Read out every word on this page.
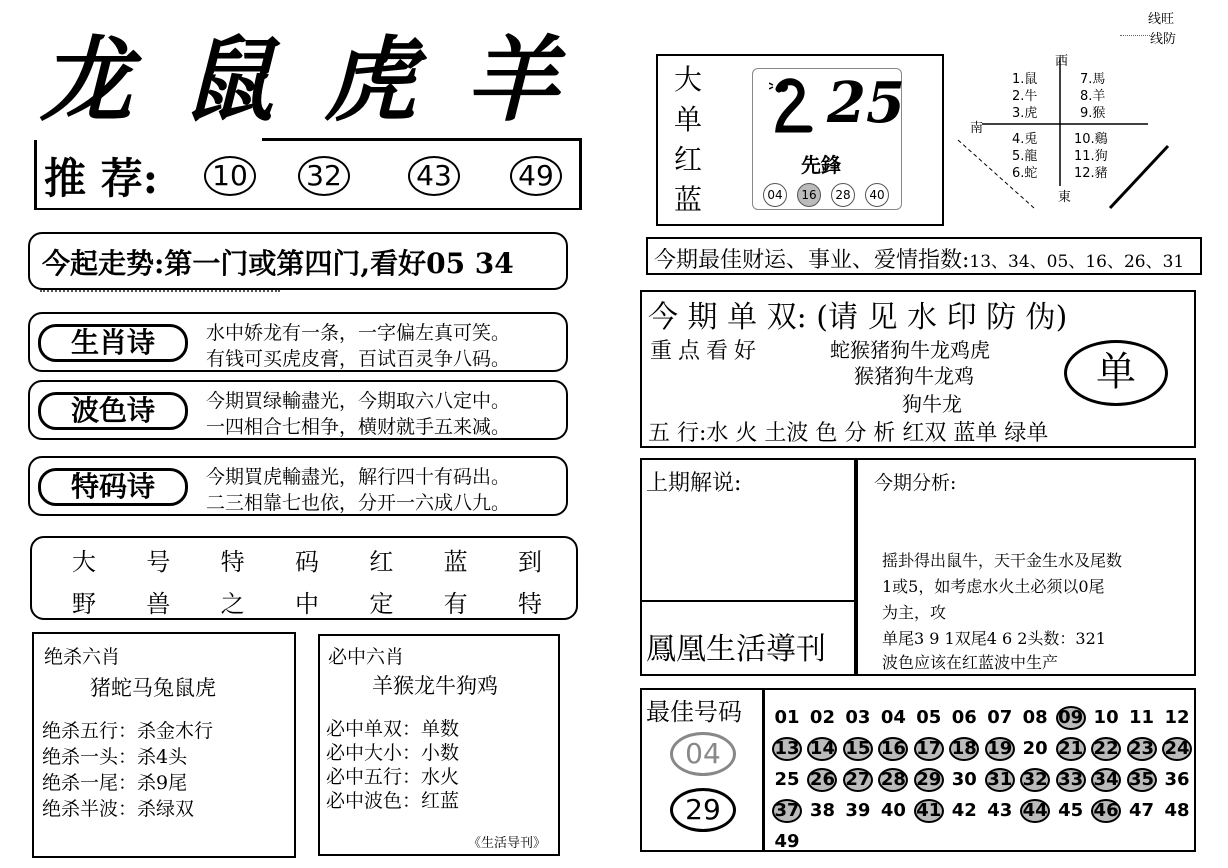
龙 鼠 虎 羊
推 荐: 10 32	43 49
今起走势:第一门或第四门,看好05 34
生肖诗	水中娇龙有一条，一字偏左真可笑。
有钱可买虎皮膏，百试百灵争八码。
波色诗	今期買绿輸盡光，今期取六八定中。
一四相合七相争，横财就手五来减。
特码诗	今期買虎輸盡光，解行四十有码出。
二三相靠七也依，分开一六成八九。
大 号 特 码 红 蓝 到
野 兽 之 中 定 有 特
绝杀六肖
猪蛇马兔鼠虎
绝杀五行：杀金木行
绝杀一头：杀4头
绝杀一尾：杀9尾
绝杀半波：杀绿双
必中六肖
羊猴龙牛狗鸡
必中单双：单数
必中大小：小数
必中五行：水火
必中波色：红蓝
《生活导刊》
大
单
红
蓝
25
先鋒
04	16	28	40
线旺
线防
西
南
東
1.鼠
2.牛
3.虎
4.兎
5.龍
6.蛇
7.馬
8.羊
9.猴
10.鷄
11.狗
12.豬
今期最佳财运、事业、爱情指数:13、34、05、16、26、31
今 期 单 双: (请 见 水 印 防 伪)
重点看好	蛇猴猪狗牛龙鸡虎
猴猪狗牛龙鸡
狗牛龙
单
五 行:水 火 土波 色 分 析 红双 蓝单 绿单
上期解说:
鳳凰生活導刊
今期分析:
摇卦得出鼠牛，天干金生水及尾数
1或5，如考虑水火土必须以0尾
为主，攻
单尾3 9 1双尾4 6 2头数：321
波色应该在红蓝波中生产
最佳号码
04
29
01 02 03 04 05 06 07 08 09 10 11 12
13 14 15 16 17 18 19 20 21 22 23 24
25 26 27 28 29 30 31 32 33 34 35 36
37 38 39 40 41 42 43 44 45 46 47 48
49
